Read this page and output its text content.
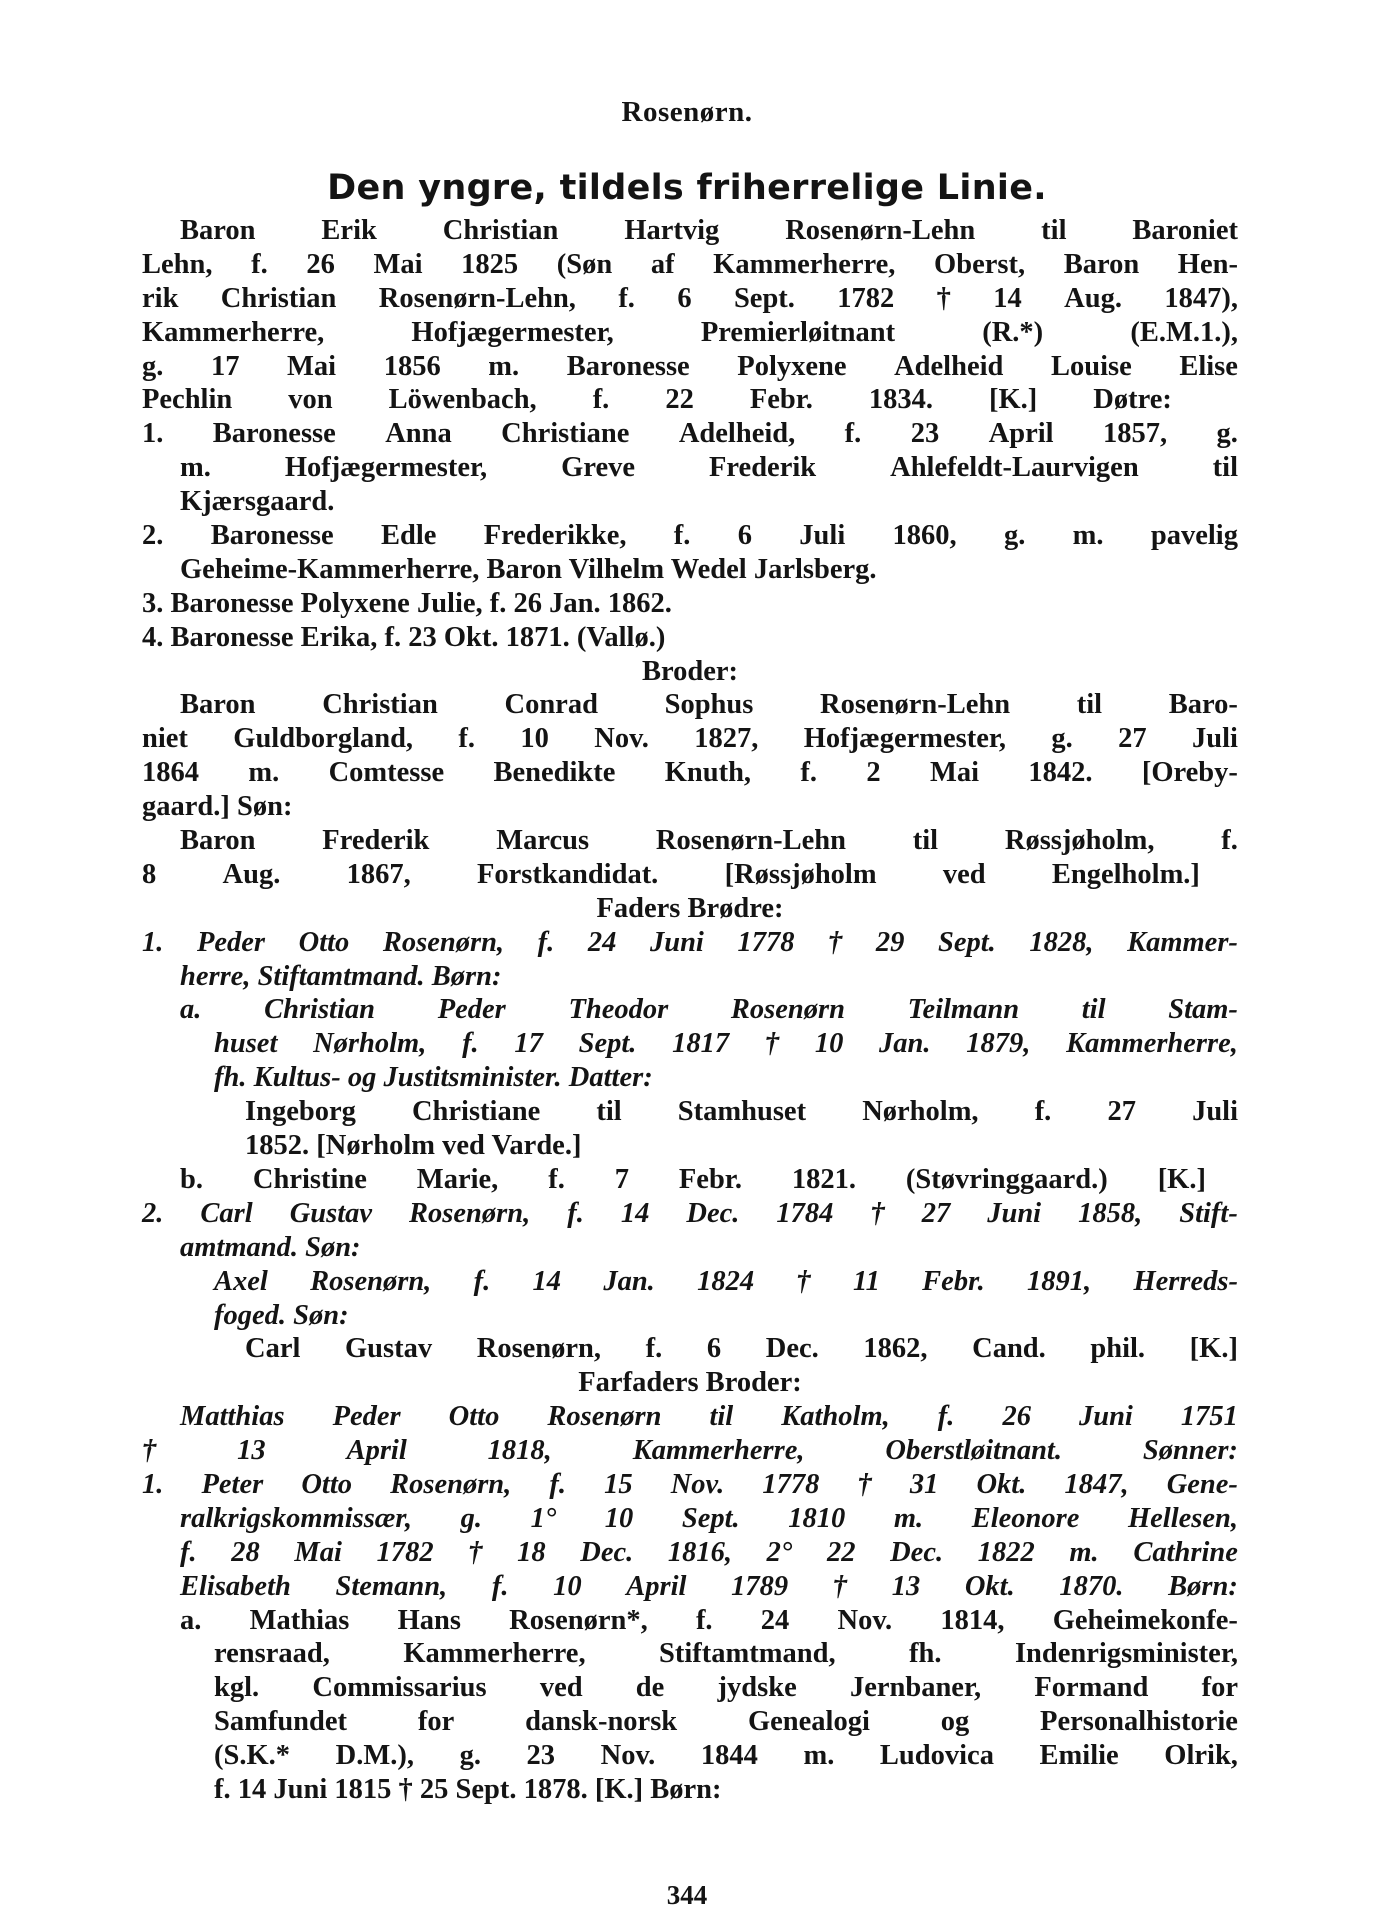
Rosenørn.
Den yngre, tildels friherrelige Linie.
Baron Erik Christian Hartvig Rosenørn-Lehn til Baroniet
Lehn, f. 26 Mai 1825 (Søn af Kammerherre, Oberst, Baron Hen-
rik Christian Rosenørn-Lehn, f. 6 Sept. 1782 † 14 Aug. 1847),
Kammerherre,	Hofjægermester,	Premierløitnant	(R.*)	(E.M.1.),
g. 17 Mai 1856 m. Baronesse Polyxene Adelheid Louise Elise
Pechlin von Löwenbach, f. 22 Febr. 1834. [K.] Døtre:
1. Baronesse Anna Christiane Adelheid, f. 23 April 1857, g.
m.	Hofjægermester,	Greve	Frederik	Ahlefeldt-Laurvigen	til
Kjærsgaard.
2. Baronesse Edle Frederikke, f. 6 Juli 1860, g. m. pavelig
Geheime-Kammerherre, Baron Vilhelm Wedel Jarlsberg.
3. Baronesse Polyxene Julie, f. 26 Jan. 1862.
4. Baronesse Erika, f. 23 Okt. 1871. (Vallø.)
Broder:
Baron Christian Conrad Sophus Rosenørn-Lehn til Baro-
niet Guldborgland, f. 10 Nov. 1827, Hofjægermester, g. 27 Juli
1864 m. Comtesse Benedikte Knuth, f. 2 Mai 1842. [Oreby-
gaard.] Søn:
Baron Frederik Marcus Rosenørn-Lehn til Røssjøholm, f.
8 Aug. 1867, Forstkandidat. [Røssjøholm ved Engelholm.]
Faders Brødre:
1. Peder Otto Rosenørn, f. 24 Juni 1778 † 29 Sept. 1828, Kammer-
herre, Stiftamtmand. Børn:
a. Christian Peder Theodor Rosenørn Teilmann til Stam-
huset Nørholm, f. 17 Sept. 1817 † 10 Jan. 1879, Kammerherre,
fh. Kultus- og Justitsminister. Datter:
Ingeborg Christiane til Stamhuset Nørholm, f. 27 Juli
1852. [Nørholm ved Varde.]
b. Christine Marie, f. 7 Febr. 1821. (Støvringgaard.) [K.]
2. Carl Gustav Rosenørn, f. 14 Dec. 1784 † 27 Juni 1858, Stift-
amtmand. Søn:
Axel Rosenørn, f. 14 Jan. 1824 † 11 Febr. 1891, Herreds-
foged. Søn:
Carl Gustav Rosenørn, f. 6 Dec. 1862, Cand. phil. [K.]
Farfaders Broder:
Matthias Peder Otto Rosenørn til Katholm, f. 26 Juni 1751
†	13	April	1818,	Kammerherre,	Oberstløitnant.	Sønner:
1. Peter Otto Rosenørn, f. 15 Nov. 1778 † 31 Okt. 1847, Gene-
ralkrigskommissær, g. 1° 10 Sept. 1810 m. Eleonore Hellesen,
f. 28 Mai 1782 † 18 Dec. 1816, 2° 22 Dec. 1822 m. Cathrine
Elisabeth Stemann, f. 10 April 1789 † 13 Okt. 1870. Børn:
a. Mathias Hans Rosenørn*, f. 24 Nov. 1814, Geheimekonfe-
rensraad,	Kammerherre,	Stiftamtmand,	fh.	Indenrigsminister,
kgl. Commissarius ved de jydske Jernbaner, Formand for
Samfundet for dansk-norsk Genealogi og Personalhistorie
(S.K.* D.M.), g. 23 Nov. 1844 m. Ludovica Emilie Olrik,
f. 14 Juni 1815 † 25 Sept. 1878. [K.] Børn:
344
